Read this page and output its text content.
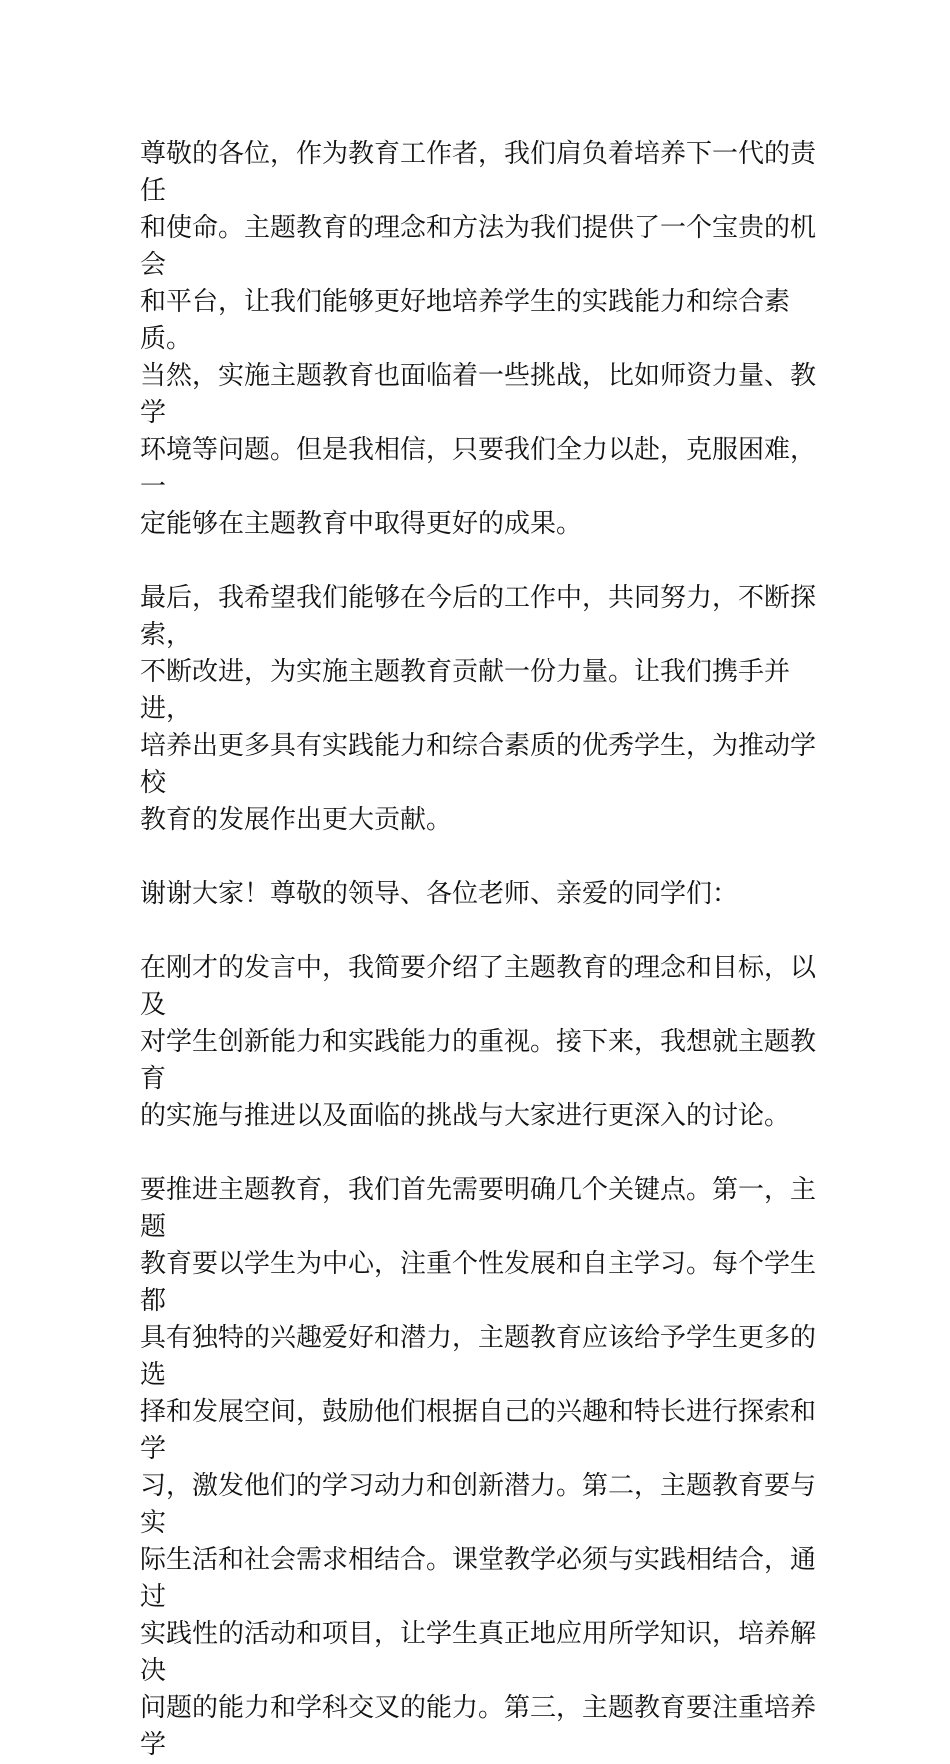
尊敬的各位，作为教育工作者，我们肩负着培养下一代的责任
和使命。主题教育的理念和方法为我们提供了一个宝贵的机会
和平台，让我们能够更好地培养学生的实践能力和综合素质。
当然，实施主题教育也面临着一些挑战，比如师资力量、教学
环境等问题。但是我相信，只要我们全力以赴，克服困难，一
定能够在主题教育中取得更好的成果。

最后，我希望我们能够在今后的工作中，共同努力，不断探索，
不断改进，为实施主题教育贡献一份力量。让我们携手并进，
培养出更多具有实践能力和综合素质的优秀学生，为推动学校
教育的发展作出更大贡献。

谢谢大家！尊敬的领导、各位老师、亲爱的同学们：

在刚才的发言中，我简要介绍了主题教育的理念和目标，以及
对学生创新能力和实践能力的重视。接下来，我想就主题教育
的实施与推进以及面临的挑战与大家进行更深入的讨论。

要推进主题教育，我们首先需要明确几个关键点。第一，主题
教育要以学生为中心，注重个性发展和自主学习。每个学生都
具有独特的兴趣爱好和潜力，主题教育应该给予学生更多的选
择和发展空间，鼓励他们根据自己的兴趣和特长进行探索和学
习，激发他们的学习动力和创新潜力。第二，主题教育要与实
际生活和社会需求相结合。课堂教学必须与实践相结合，通过
实践性的活动和项目，让学生真正地应用所学知识，培养解决
问题的能力和学科交叉的能力。第三，主题教育要注重培养学
